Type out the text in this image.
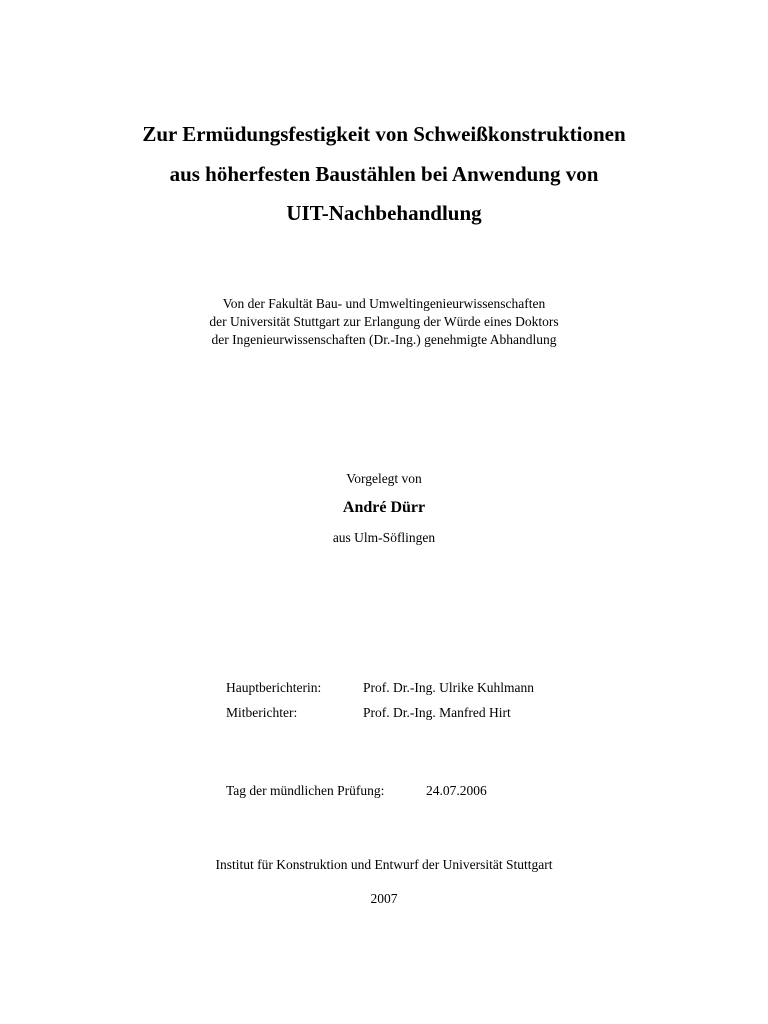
Zur Ermüdungsfestigkeit von Schweißkonstruktionen
aus höherfesten Baustählen bei Anwendung von
UIT-Nachbehandlung
Von der Fakultät Bau- und Umweltingenieurwissenschaften
der Universität Stuttgart zur Erlangung der Würde eines Doktors
der Ingenieurwissenschaften (Dr.-Ing.) genehmigte Abhandlung
Vorgelegt von
André Dürr
aus Ulm-Söflingen
Hauptberichterin:	Prof. Dr.-Ing. Ulrike Kuhlmann
Mitberichter:	Prof. Dr.-Ing. Manfred Hirt
Tag der mündlichen Prüfung:	24.07.2006
Institut für Konstruktion und Entwurf der Universität Stuttgart
2007
